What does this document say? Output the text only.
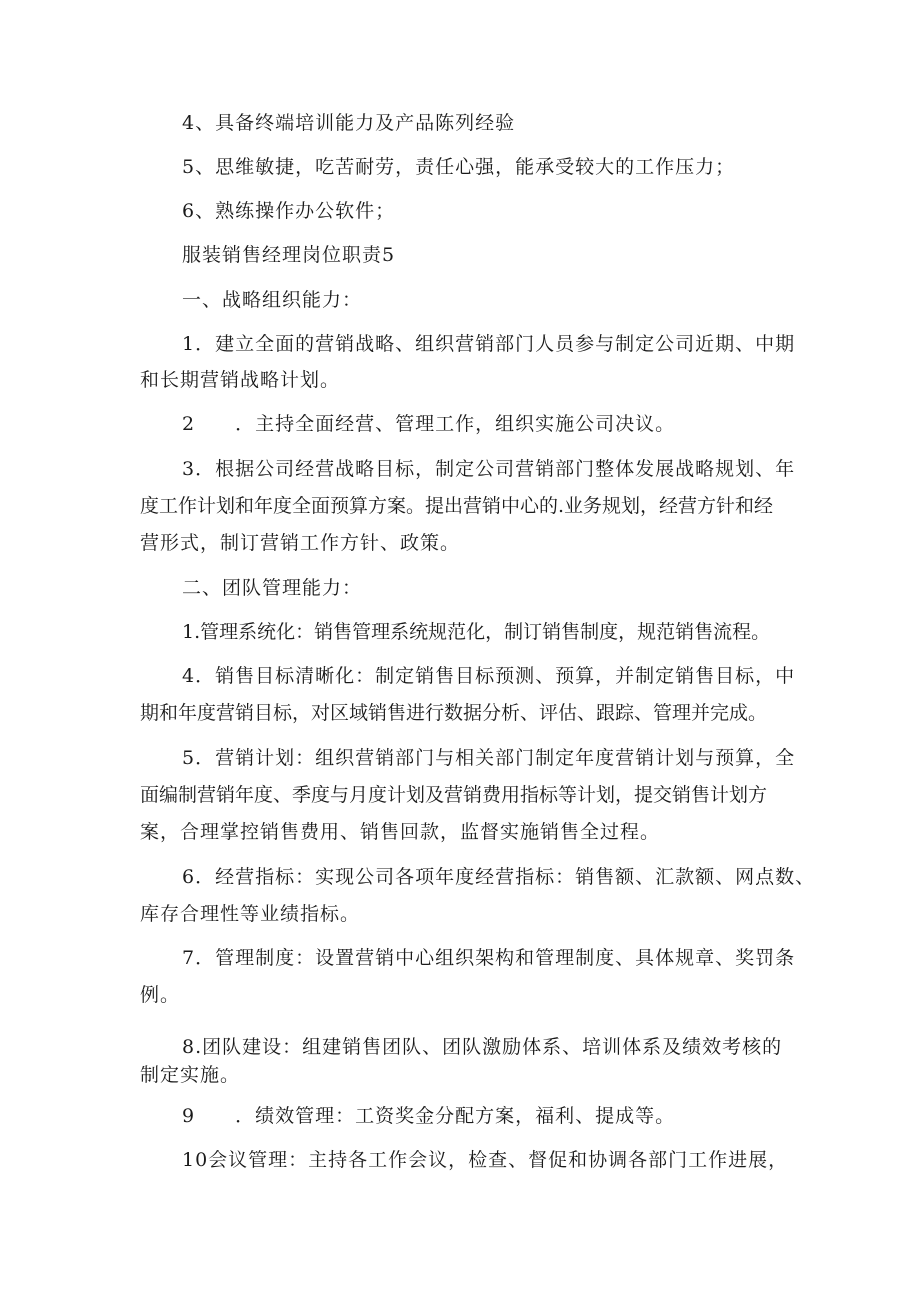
4、具备终端培训能力及产品陈列经验
5、思维敏捷，吃苦耐劳，责任心强，能承受较大的工作压力；
6、熟练操作办公软件；
服装销售经理岗位职责5
一、战略组织能力：
1．建立全面的营销战略、组织营销部门人员参与制定公司近期、中期
和长期营销战略计划。
2　　．主持全面经营、管理工作，组织实施公司决议。
3．根据公司经营战略目标，制定公司营销部门整体发展战略规划、年
度工作计划和年度全面预算方案。提出营销中心的.业务规划，经营方针和经
营形式，制订营销工作方针、政策。
二、团队管理能力：
1.管理系统化：销售管理系统规范化，制订销售制度，规范销售流程。
4．销售目标清晰化：制定销售目标预测、预算，并制定销售目标，中
期和年度营销目标，对区域销售进行数据分析、评估、跟踪、管理并完成。
5．营销计划：组织营销部门与相关部门制定年度营销计划与预算，全
面编制营销年度、季度与月度计划及营销费用指标等计划，提交销售计划方
案，合理掌控销售费用、销售回款，监督实施销售全过程。
6．经营指标：实现公司各项年度经营指标：销售额、汇款额、网点数、
库存合理性等业绩指标。
7．管理制度：设置营销中心组织架构和管理制度、具体规章、奖罚条
例。
8.团队建设：组建销售团队、团队激励体系、培训体系及绩效考核的
制定实施。
9　　．绩效管理：工资奖金分配方案，福利、提成等。
10会议管理：主持各工作会议，检查、督促和协调各部门工作进展，
